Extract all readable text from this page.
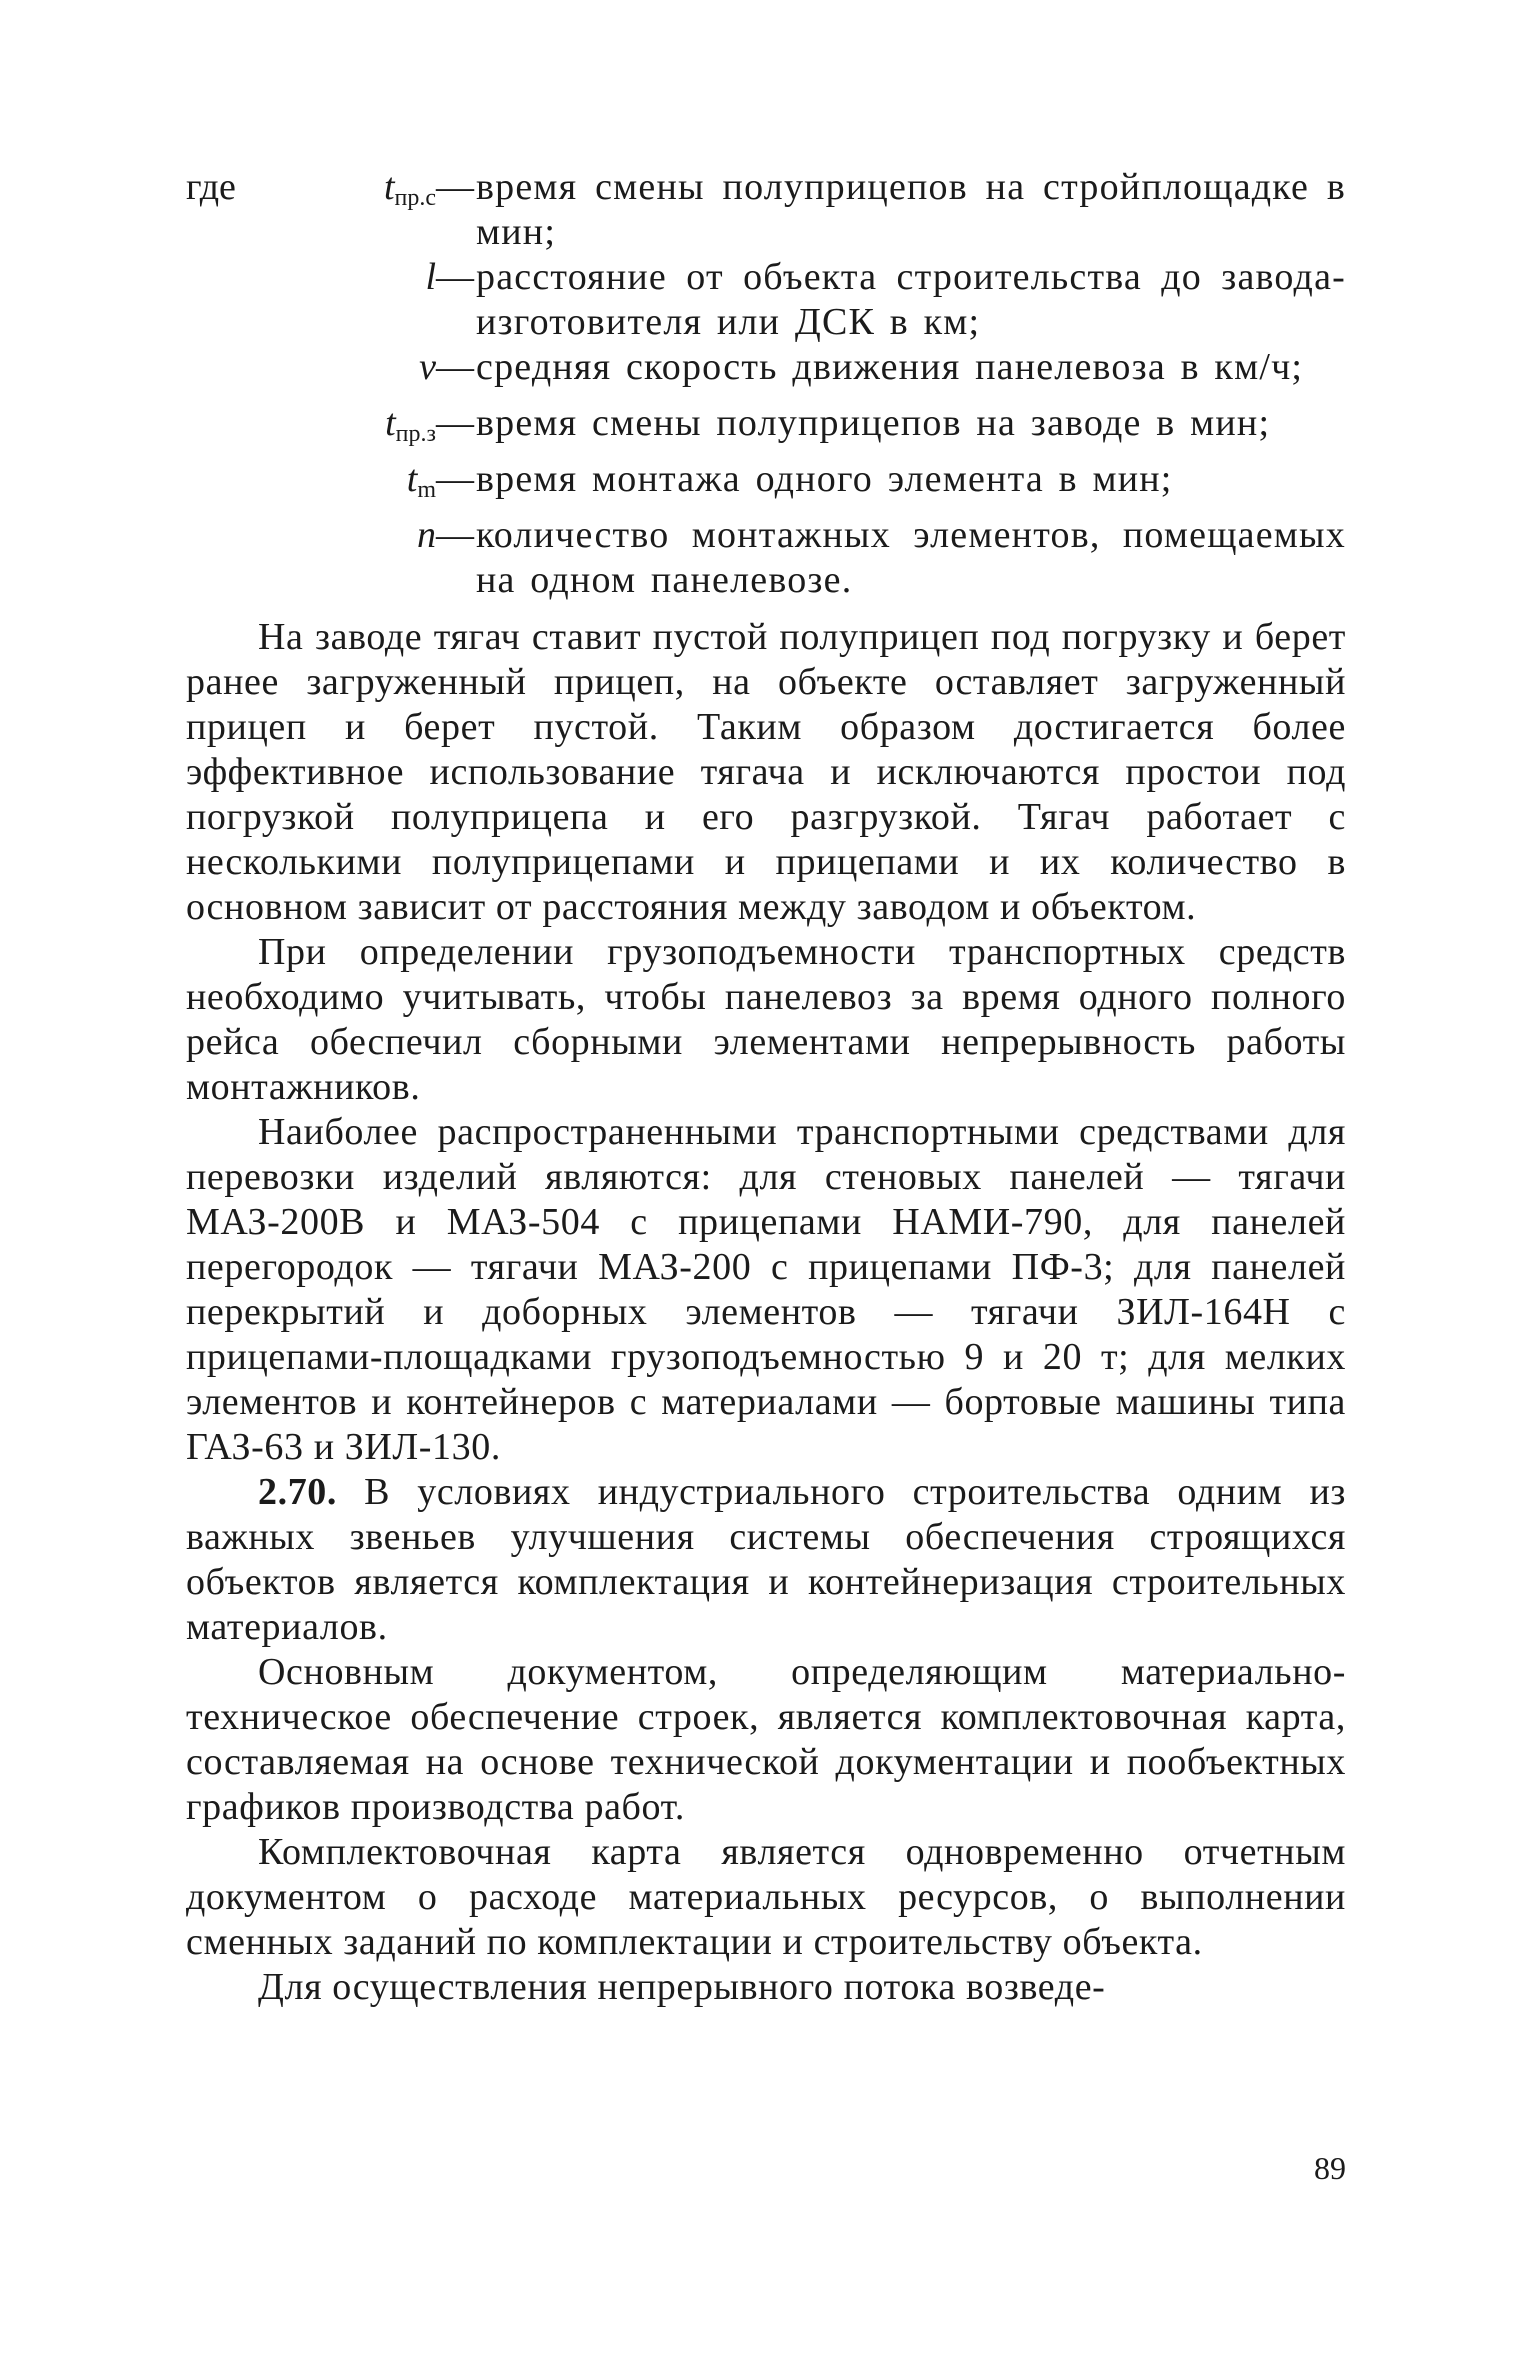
где	$t_{пр.с}$ — время смены полуприцепов на стройплощадке в мин;
l — расстояние от объекта строительства до завода-изготовителя или ДСК в км;
v — средняя скорость движения панелевоза в км/ч;
$t_{пр.з}$ — время смены полуприцепов на заводе в мин;
$t_m$ — время монтажа одного элемента в мин;
n — количество монтажных элементов, помещаемых на одном панелевозе.

На заводе тягач ставит пустой полуприцеп под погрузку и берет ранее загруженный прицеп, на объекте оставляет загруженный прицеп и берет пустой. Таким образом достигается более эффективное использование тягача и исключаются простои под погрузкой полуприцепа и его разгрузкой. Тягач работает с несколькими полуприцепами и прицепами и их количество в основном зависит от расстояния между заводом и объектом.

При определении грузоподъемности транспортных средств необходимо учитывать, чтобы панелевоз за время одного полного рейса обеспечил сборными элементами непрерывность работы монтажников.

Наиболее распространенными транспортными средствами для перевозки изделий являются: для стеновых панелей — тягачи МАЗ-200В и МАЗ-504 с прицепами НАМИ-790, для панелей перегородок — тягачи МАЗ-200 с прицепами ПФ-3; для панелей перекрытий и доборных элементов — тягачи ЗИЛ-164Н с прицепами-площадками грузоподъемностью 9 и 20 т; для мелких элементов и контейнеров с материалами — бортовые машины типа ГАЗ-63 и ЗИЛ-130.

2.70. В условиях индустриального строительства одним из важных звеньев улучшения системы обеспечения строящихся объектов является комплектация и контейнеризация строительных материалов.

Основным документом, определяющим материально-техническое обеспечение строек, является комплектовочная карта, составляемая на основе технической документации и пообъектных графиков производства работ.

Комплектовочная карта является одновременно отчетным документом о расходе материальных ресурсов, о выполнении сменных заданий по комплектации и строительству объекта.

Для осуществления непрерывного потока возведе-

89
